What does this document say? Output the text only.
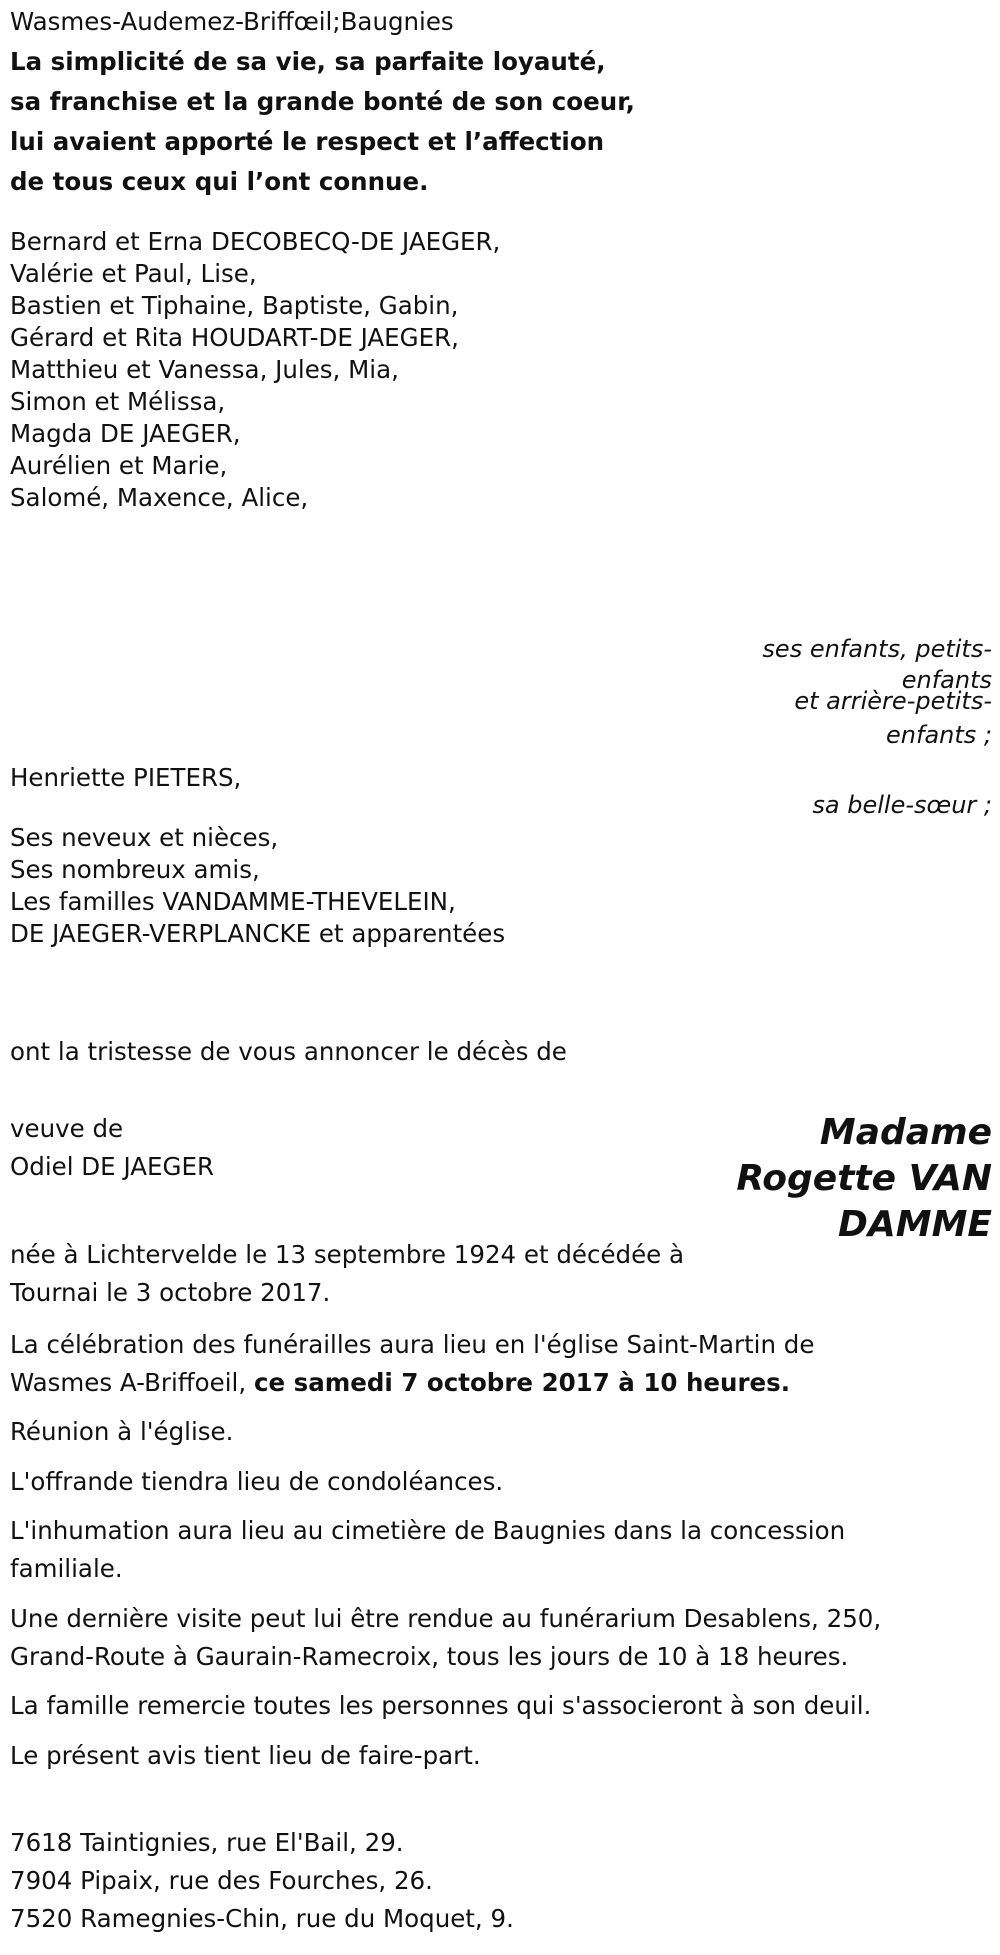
Wasmes-Audemez-Briffœil;Baugnies
La simplicité de sa vie, sa parfaite loyauté,
sa franchise et la grande bonté de son coeur,
lui avaient apporté le respect et l’affection
de tous ceux qui l’ont connue.
Bernard et Erna DECOBECQ-DE JAEGER,
Valérie et Paul, Lise,
Bastien et Tiphaine, Baptiste, Gabin,
Gérard et Rita HOUDART-DE JAEGER,
Matthieu et Vanessa, Jules, Mia,
Simon et Mélissa,
Magda DE JAEGER,
Aurélien et Marie,
Salomé, Maxence, Alice,
ses enfants, petits-
enfants
et arrière-petits-
enfants ;
Henriette PIETERS,
sa belle-sœur ;
Ses neveux et nièces,
Ses nombreux amis,
Les familles VANDAMME-THEVELEIN,
DE JAEGER-VERPLANCKE et apparentées
ont la tristesse de vous annoncer le décès de
veuve de
Odiel DE JAEGER
Madame
Rogette VAN
DAMME
née à Lichtervelde le 13 septembre 1924 et décédée à
Tournai le 3 octobre 2017.
La célébration des funérailles aura lieu en l'église Saint-Martin de
Wasmes A-Briffoeil, ce samedi 7 octobre 2017 à 10 heures.
Réunion à l'église.
L'offrande tiendra lieu de condoléances.
L'inhumation aura lieu au cimetière de Baugnies dans la concession
familiale.
Une dernière visite peut lui être rendue au funérarium Desablens, 250,
Grand-Route à Gaurain-Ramecroix, tous les jours de 10 à 18 heures.
La famille remercie toutes les personnes qui s'associeront à son deuil.
Le présent avis tient lieu de faire-part.
7618 Taintignies, rue El'Bail, 29.
7904 Pipaix, rue des Fourches, 26.
7520 Ramegnies-Chin, rue du Moquet, 9.
